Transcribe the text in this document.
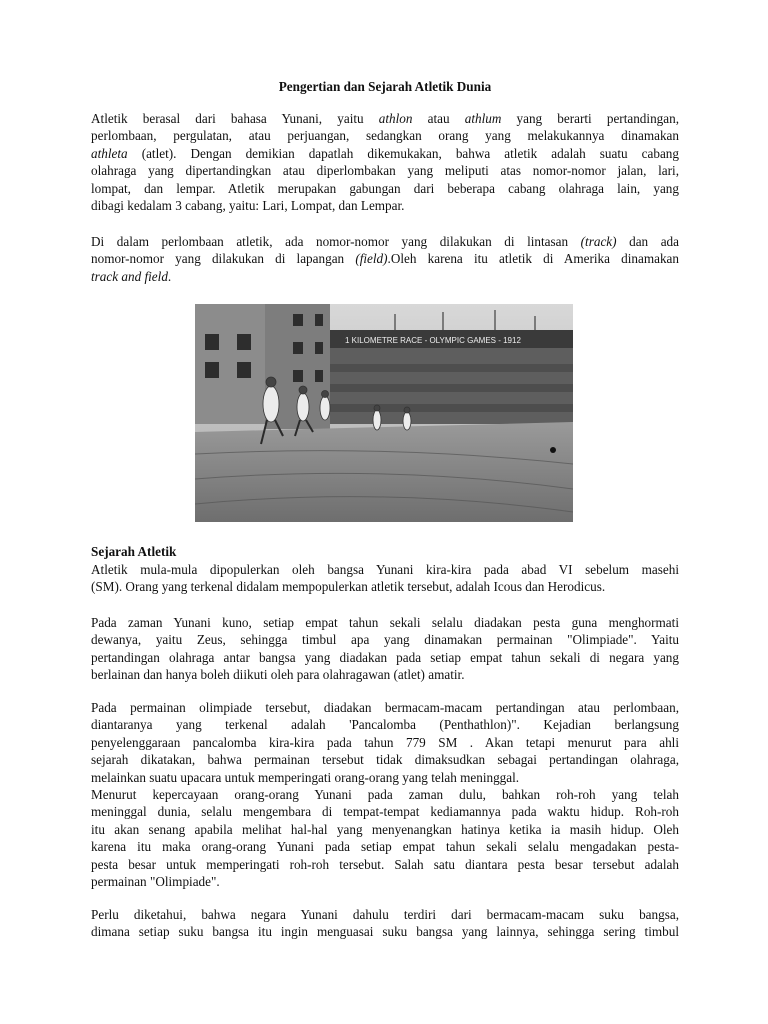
Pengertian dan Sejarah Atletik Dunia
Atletik berasal dari bahasa Yunani, yaitu athlon atau athlum yang berarti pertandingan,
perlombaan, pergulatan, atau perjuangan, sedangkan orang yang melakukannya dinamakan
athleta (atlet). Dengan demikian dapatlah dikemukakan, bahwa atletik adalah suatu cabang
olahraga yang dipertandingkan atau diperlombakan yang meliputi atas nomor-nomor jalan, lari,
lompat, dan lempar. Atletik merupakan gabungan dari beberapa cabang olahraga lain, yang
dibagi kedalam 3 cabang, yaitu: Lari, Lompat, dan Lempar.
Di dalam perlombaan atletik, ada nomor-nomor yang dilakukan di lintasan (track) dan ada
nomor-nomor yang dilakukan di lapangan (field).Oleh karena itu atletik di Amerika dinamakan
track and field.
1 KILOMETRE RACE - OLYMPIC GAMES - 1912
Sejarah Atletik
Atletik mula-mula dipopulerkan oleh bangsa Yunani kira-kira pada abad VI sebelum masehi
(SM). Orang yang terkenal didalam mempopulerkan atletik tersebut, adalah Icous dan Herodicus.
Pada zaman Yunani kuno, setiap empat tahun sekali selalu diadakan pesta guna menghormati
dewanya, yaitu Zeus, sehingga timbul apa yang dinamakan permainan "Olimpiade". Yaitu
pertandingan olahraga antar bangsa yang diadakan pada setiap empat tahun sekali di negara yang
berlainan dan hanya boleh diikuti oleh para olahragawan (atlet) amatir.
Pada permainan olimpiade tersebut, diadakan bermacam-macam pertandingan atau perlombaan,
diantaranya yang terkenal adalah 'Pancalomba (Penthathlon)". Kejadian berlangsung
penyelenggaraan pancalomba kira-kira pada tahun 779 SM . Akan tetapi menurut para ahli
sejarah dikatakan, bahwa permainan tersebut tidak dimaksudkan sebagai pertandingan olahraga,
melainkan suatu upacara untuk memperingati orang-orang yang telah meninggal.
Menurut kepercayaan orang-orang Yunani pada zaman dulu, bahkan roh-roh yang telah
meninggal dunia, selalu mengembara di tempat-tempat kediamannya pada waktu hidup. Roh-roh
itu akan senang apabila melihat hal-hal yang menyenangkan hatinya ketika ia masih hidup. Oleh
karena itu maka orang-orang Yunani pada setiap empat tahun sekali selalu mengadakan pesta-
pesta besar untuk memperingati roh-roh tersebut. Salah satu diantara pesta besar tersebut adalah
permainan "Olimpiade".
Perlu diketahui, bahwa negara Yunani dahulu terdiri dari bermacam-macam suku bangsa,
dimana setiap suku bangsa itu ingin menguasai suku bangsa yang lainnya, sehingga sering timbul
